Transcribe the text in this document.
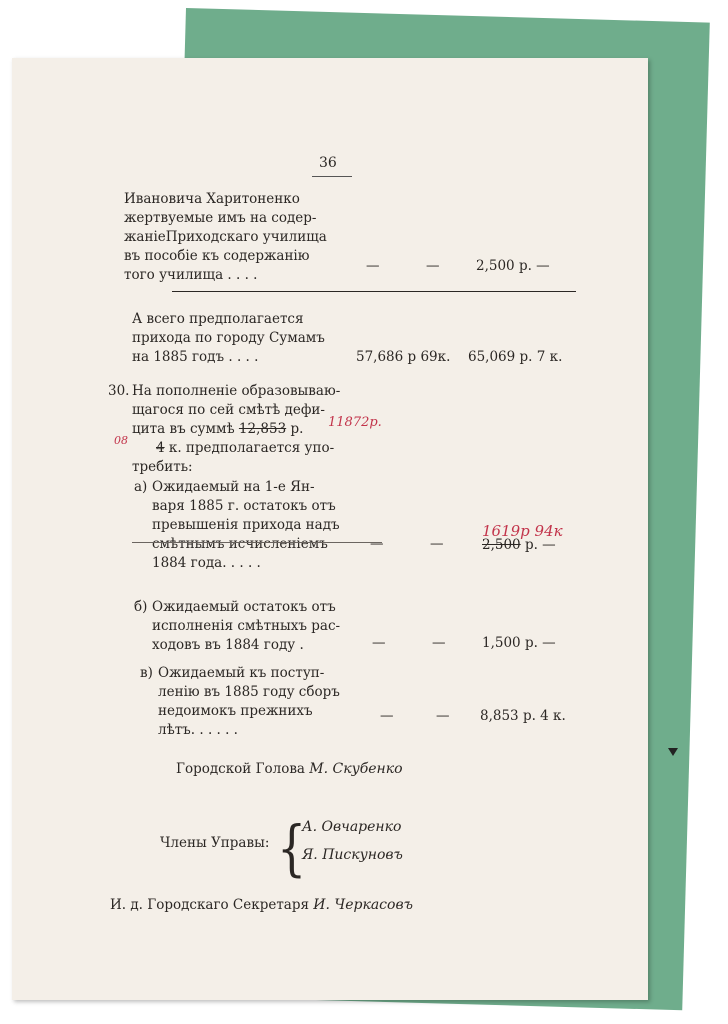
36
Ивановича Харитоненко
жертвуемые имъ на содер-
жаніеПриходскаго училища
въ пособіе къ содержанію
того училища . . . .
—	—	2,500 р. —
А всего предполагается
прихода по городу Сумамъ
на 1885 годъ . . . .	57,686 р 69к. 65,069 р. 7 к.
30. На пополненіе образовываю-
щагося по сей смѣтѣ дефи-
цита въ суммѣ 12,853 р.
4 к. предполагается упо-
требить:
11872р.
08
а) Ожидаемый на 1-е Ян-
варя 1885 г. остатокъ отъ
превышенія прихода надъ
смѣтнымъ исчисленіемъ
1884 года. . . . .
1619р 94к
—	—	2,500 р. —
б) Ожидаемый остатокъ отъ
исполненія смѣтныхъ рас-
ходовъ въ 1884 году .	—	—	1,500 р. —
в) Ожидаемый къ поступ-
ленію въ 1885 году сборъ
недоимокъ прежнихъ
лѣтъ. . . . . .
—	— 8,853 р. 4 к.
Городской Голова М. Скубенко
Члены Управы: {
А. Овчаренко
Я. Пискуновъ
И. д. Городскаго Секретаря И. Черкасовъ
